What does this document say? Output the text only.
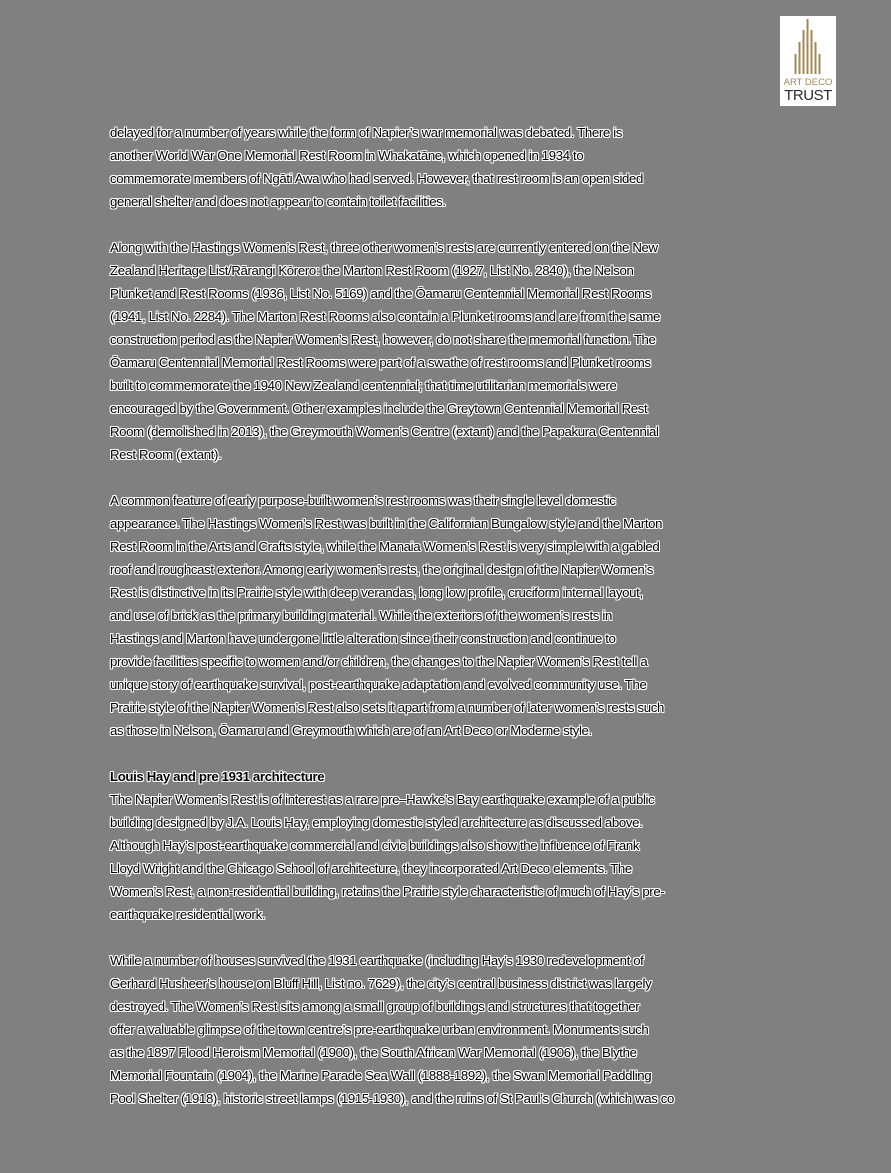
ART DECO
TRUST
delayed for a number of years while the form of Napier’s war memorial was debated. There is
another World War One Memorial Rest Room in Whakatāne, which opened in 1934 to
commemorate members of Ngāti Awa who had served. However, that rest room is an open sided
general shelter and does not appear to contain toilet facilities.
Along with the Hastings Women’s Rest, three other women’s rests are currently entered on the New
Zealand Heritage List/Rārangi Kōrero: the Marton Rest Room (1927, List No. 2840), the Nelson
Plunket and Rest Rooms (1936, List No. 5169) and the Ōamaru Centennial Memorial Rest Rooms
(1941, List No. 2284). The Marton Rest Rooms also contain a Plunket rooms and are from the same
construction period as the Napier Women’s Rest, however, do not share the memorial function. The
Ōamaru Centennial Memorial Rest Rooms were part of a swathe of rest rooms and Plunket rooms
built to commemorate the 1940 New Zealand centennial; that time utilitarian memorials were
encouraged by the Government. Other examples include the Greytown Centennial Memorial Rest
Room (demolished in 2013), the Greymouth Women’s Centre (extant) and the Papakura Centennial
Rest Room (extant).
A common feature of early purpose-built women’s rest rooms was their single level domestic
appearance. The Hastings Women’s Rest was built in the Californian Bungalow style and the Marton
Rest Room in the Arts and Crafts style, while the Manaia Women’s Rest is very simple with a gabled
roof and roughcast exterior. Among early women’s rests, the original design of the Napier Women’s
Rest is distinctive in its Prairie style with deep verandas, long low profile, cruciform internal layout,
and use of brick as the primary building material. While the exteriors of the women’s rests in
Hastings and Marton have undergone little alteration since their construction and continue to
provide facilities specific to women and/or children, the changes to the Napier Women’s Rest tell a
unique story of earthquake survival, post-earthquake adaptation and evolved community use. The
Prairie style of the Napier Women’s Rest also sets it apart from a number of later women’s rests such
as those in Nelson, Ōamaru and Greymouth which are of an Art Deco or Moderne style.
Louis Hay and pre 1931 architecture
The Napier Women’s Rest is of interest as a rare pre–Hawke’s Bay earthquake example of a public
building designed by J.A. Louis Hay, employing domestic styled architecture as discussed above.
Although Hay’s post-earthquake commercial and civic buildings also show the influence of Frank
Lloyd Wright and the Chicago School of architecture, they incorporated Art Deco elements. The
Women’s Rest, a non-residential building, retains the Prairie style characteristic of much of Hay’s pre-
earthquake residential work.
While a number of houses survived the 1931 earthquake (including Hay’s 1930 redevelopment of
Gerhard Husheer’s house on Bluff Hill, List no. 7629), the city’s central business district was largely
destroyed. The Women’s Rest sits among a small group of buildings and structures that together
offer a valuable glimpse of the town centre’s pre-earthquake urban environment. Monuments such
as the 1897 Flood Heroism Memorial (1900), the South African War Memorial (1906), the Blythe
Memorial Fountain (1904), the Marine Parade Sea Wall (1888-1892), the Swan Memorial Paddling
Pool Shelter (1918), historic street lamps (1915-1930), and the ruins of St Paul’s Church (which was co
